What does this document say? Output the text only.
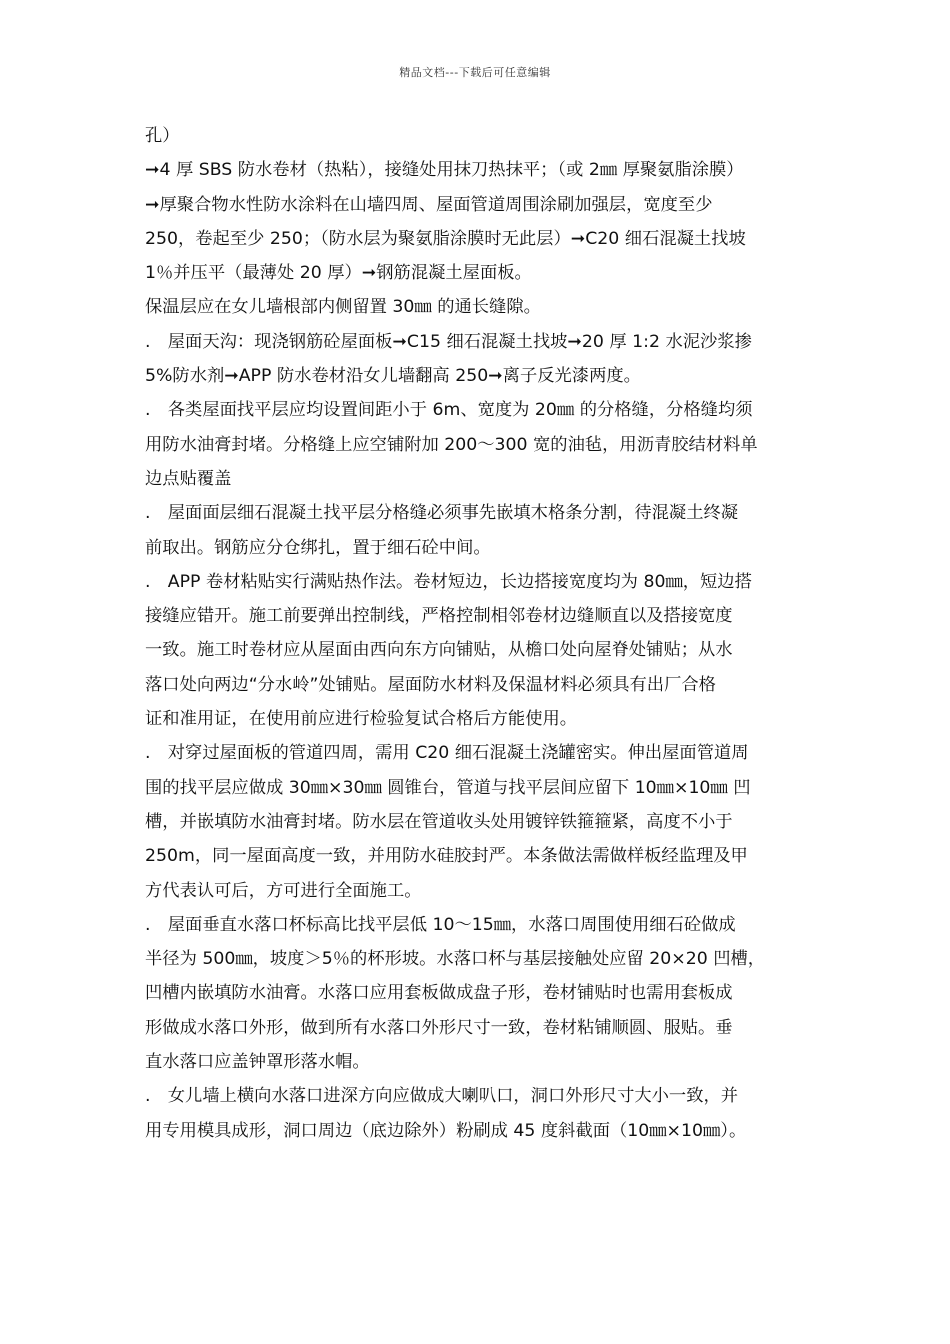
精品文档---下载后可任意编辑
孔）
➞4 厚 SBS 防水卷材（热粘），接缝处用抹刀热抹平；（或 2㎜ 厚聚氨脂涂膜）
➞厚聚合物水性防水涂料在山墙四周、屋面管道周围涂刷加强层，宽度至少
250，卷起至少 250；（防水层为聚氨脂涂膜时无此层）➞C20 细石混凝土找坡
1％并压平（最薄处 20 厚）➞钢筋混凝土屋面板。
保温层应在女儿墙根部内侧留置 30㎜ 的通长缝隙。
.　屋面天沟：现浇钢筋砼屋面板➞C15 细石混凝土找坡➞20 厚 1:2 水泥沙浆掺
5%防水剂➞APP 防水卷材沿女儿墙翻高 250➞离子反光漆两度。
.　各类屋面找平层应均设置间距小于 6m、宽度为 20㎜ 的分格缝，分格缝均须
用防水油膏封堵。分格缝上应空铺附加 200～300 宽的油毡，用沥青胶结材料单
边点贴覆盖
.　屋面面层细石混凝土找平层分格缝必须事先嵌填木格条分割，待混凝土终凝
前取出。钢筋应分仓绑扎，置于细石砼中间。
.　APP 卷材粘贴实行满贴热作法。卷材短边，长边搭接宽度均为 80㎜，短边搭
接缝应错开。施工前要弹出控制线，严格控制相邻卷材边缝顺直以及搭接宽度
一致。施工时卷材应从屋面由西向东方向铺贴，从檐口处向屋脊处铺贴；从水
落口处向两边“分水岭”处铺贴。屋面防水材料及保温材料必须具有出厂合格
证和准用证，在使用前应进行检验复试合格后方能使用。
.　对穿过屋面板的管道四周，需用 C20 细石混凝土浇罐密实。伸出屋面管道周
围的找平层应做成 30㎜×30㎜ 圆锥台，管道与找平层间应留下 10㎜×10㎜ 凹
槽，并嵌填防水油膏封堵。防水层在管道收头处用镀锌铁箍箍紧，高度不小于
250m，同一屋面高度一致，并用防水硅胶封严。本条做法需做样板经监理及甲
方代表认可后，方可进行全面施工。
.　屋面垂直水落口杯标高比找平层低 10～15㎜，水落口周围使用细石砼做成
半径为 500㎜，坡度＞5％的杯形坡。水落口杯与基层接触处应留 20×20 凹槽，
凹槽内嵌填防水油膏。水落口应用套板做成盘子形，卷材铺贴时也需用套板成
形做成水落口外形，做到所有水落口外形尺寸一致，卷材粘铺顺圆、服贴。垂
直水落口应盖钟罩形落水帽。
.　女儿墙上横向水落口进深方向应做成大喇叭口，洞口外形尺寸大小一致，并
用专用模具成形，洞口周边（底边除外）粉刷成 45 度斜截面（10㎜×10㎜）。
